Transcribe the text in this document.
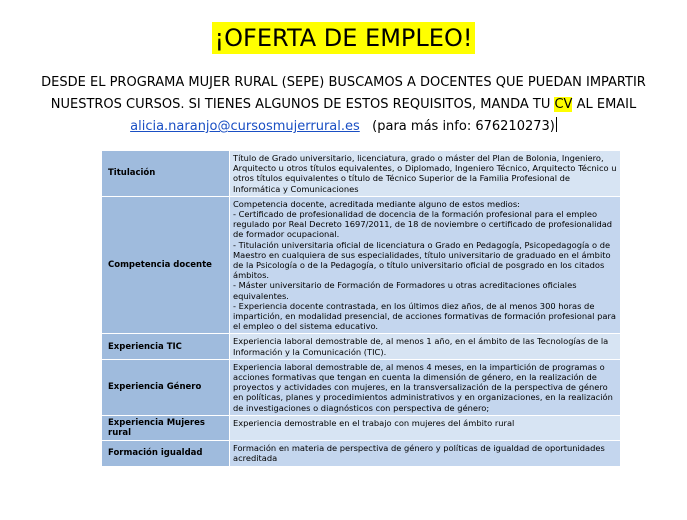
¡OFERTA DE EMPLEO!
DESDE EL PROGRAMA MUJER RURAL (SEPE) BUSCAMOS A DOCENTES QUE PUEDAN IMPARTIR
NUESTROS CURSOS. SI TIENES ALGUNOS DE ESTOS REQUISITOS, MANDA TU CV AL EMAIL
alicia.naranjo@cursosmujerrural.es (para más info: 676210273)
Titulación	Título de Grado universitario, licenciatura, grado o máster del Plan de Bolonia, Ingeniero, Arquitecto u otros títulos equivalentes, o Diplomado, Ingeniero Técnico, Arquitecto Técnico u otros títulos equivalentes o título de Técnico Superior de la Familia Profesional de Informática y Comunicaciones

Competencia docente	Competencia docente, acreditada mediante alguno de estos medios:
- Certificado de profesionalidad de docencia de la formación profesional para el empleo regulado por Real Decreto 1697/2011, de 18 de noviembre o certificado de profesionalidad de formador ocupacional.
- Titulación universitaria oficial de licenciatura o Grado en Pedagogía, Psicopedagogía o de Maestro en cualquiera de sus especialidades, título universitario de graduado en el ámbito de la Psicología o de la Pedagogía, o título universitario oficial de posgrado en los citados ámbitos.
- Máster universitario de Formación de Formadores u otras acreditaciones oficiales equivalentes.
- Experiencia docente contrastada, en los últimos diez años, de al menos 300 horas de impartición, en modalidad presencial, de acciones formativas de formación profesional para el empleo o del sistema educativo.

Experiencia TIC	Experiencia laboral demostrable de, al menos 1 año, en el ámbito de las Tecnologías de la Información y la Comunicación (TIC).

Experiencia Género	Experiencia laboral demostrable de, al menos 4 meses, en la impartición de programas o acciones formativas que tengan en cuenta la dimensión de género, en la realización de proyectos y actividades con mujeres, en la transversalización de la perspectiva de género en políticas, planes y procedimientos administrativos y en organizaciones, en la realización de investigaciones o diagnósticos con perspectiva de género;

Experiencia Mujeres rural	Experiencia demostrable en el trabajo con mujeres del ámbito rural

Formación igualdad	Formación en materia de perspectiva de género y políticas de igualdad de oportunidades acreditada
